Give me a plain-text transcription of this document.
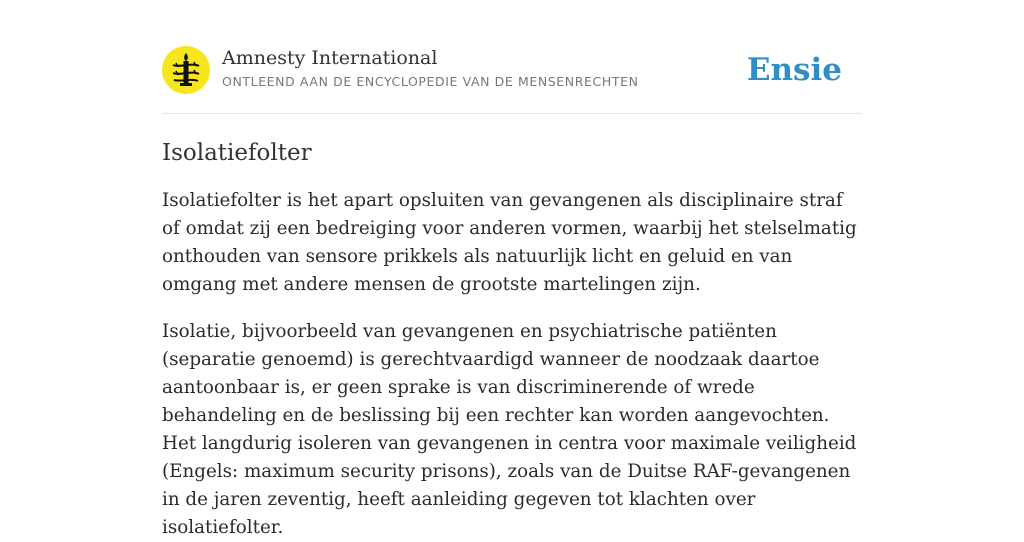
Amnesty International
ONTLEEND AAN DE ENCYCLOPEDIE VAN DE MENSENRECHTEN	Ensie
Isolatiefolter

Isolatiefolter is het apart opsluiten van gevangenen als disciplinaire straf of omdat zij een bedreiging voor anderen vormen, waarbij het stelselmatig onthouden van sensore prikkels als natuurlijk licht en geluid en van omgang met andere mensen de grootste martelingen zijn.

Isolatie, bijvoorbeeld van gevangenen en psychiatrische patiënten (separatie genoemd) is gerechtvaardigd wanneer de noodzaak daartoe aantoonbaar is, er geen sprake is van discriminerende of wrede behandeling en de beslissing bij een rechter kan worden aangevochten. Het langdurig isoleren van gevangenen in centra voor maximale veiligheid (Engels: maximum security prisons), zoals van de Duitse RAF-gevangenen in de jaren zeventig, heeft aanleiding gegeven tot klachten over isolatiefolter.
